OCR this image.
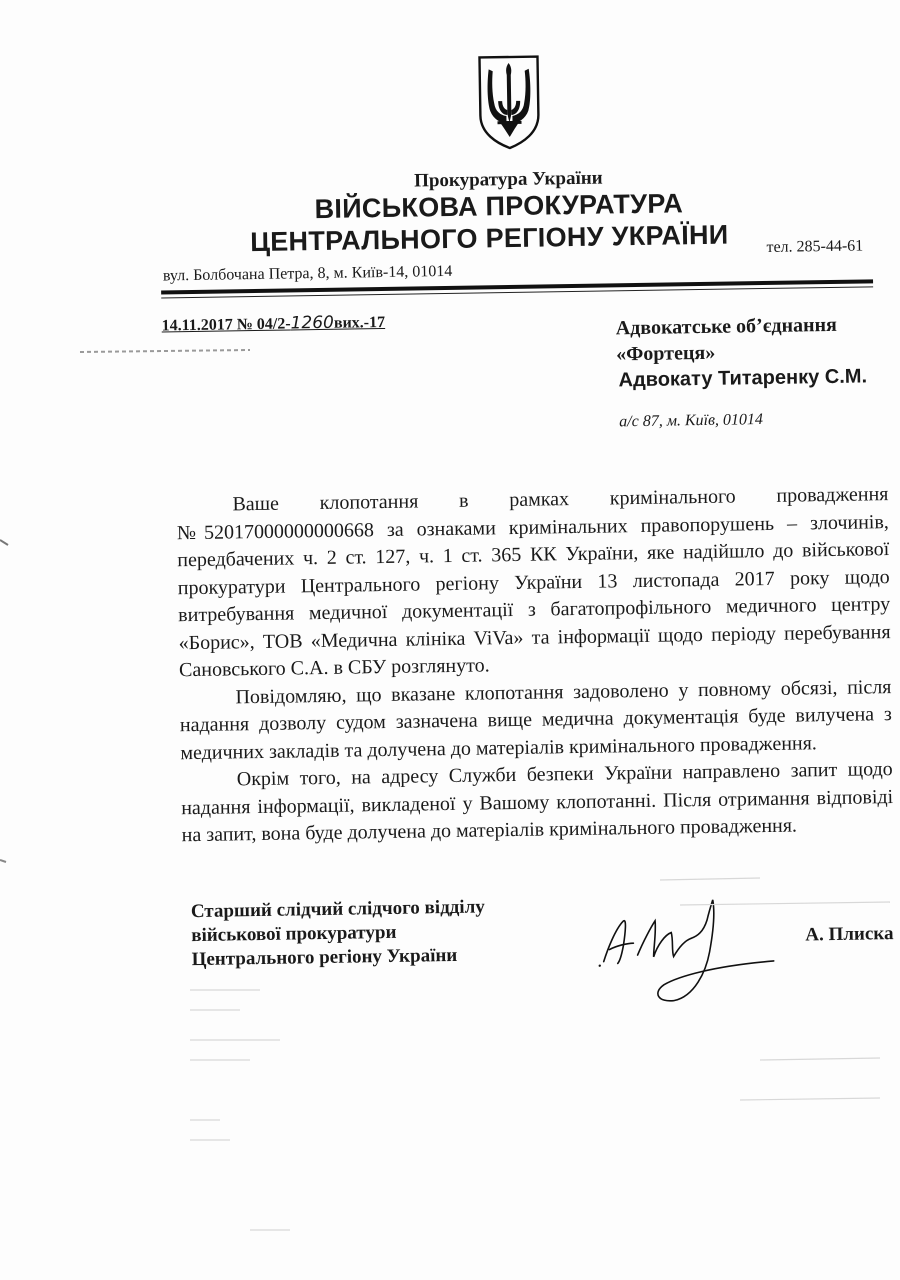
Прокуратура України
ВІЙСЬКОВА ПРОКУРАТУРА
ЦЕНТРАЛЬНОГО РЕГІОНУ УКРАЇНИ
вул. Болбочана Петра, 8, м. Київ-14, 01014
тел. 285-44-61
14.11.2017 № 04/2-1260вих.-17	Адвокатське об’єднання
«Фортеця»
Адвокату Титаренку С.М.
а/с 87, м. Київ, 01014

Ваше клопотання в рамках кримінального провадження №52017000000000668 за ознаками кримінальних правопорушень – злочинів, передбачених ч. 2 ст. 127, ч. 1 ст. 365 КК України, яке надійшло до військової прокуратури Центрального регіону України 13 листопада 2017 року щодо витребування медичної документації з багатопрофільного медичного центру «Борис», ТОВ «Медична клініка ViVa» та інформації щодо періоду перебування Сановського С.А. в СБУ розглянуто.

Повідомляю, що вказане клопотання задоволено у повному обсязі, після надання дозволу судом зазначена вище медична документація буде вилучена з медичних закладів та долучена до матеріалів кримінального провадження.

Окрім того, на адресу Служби безпеки України направлено запит щодо надання інформації, викладеної у Вашому клопотанні. Після отримання відповіді на запит, вона буде долучена до матеріалів кримінального провадження.

Старший слідчий слідчого відділу
військової прокуратури
Центрального регіону України
А. Плиска
